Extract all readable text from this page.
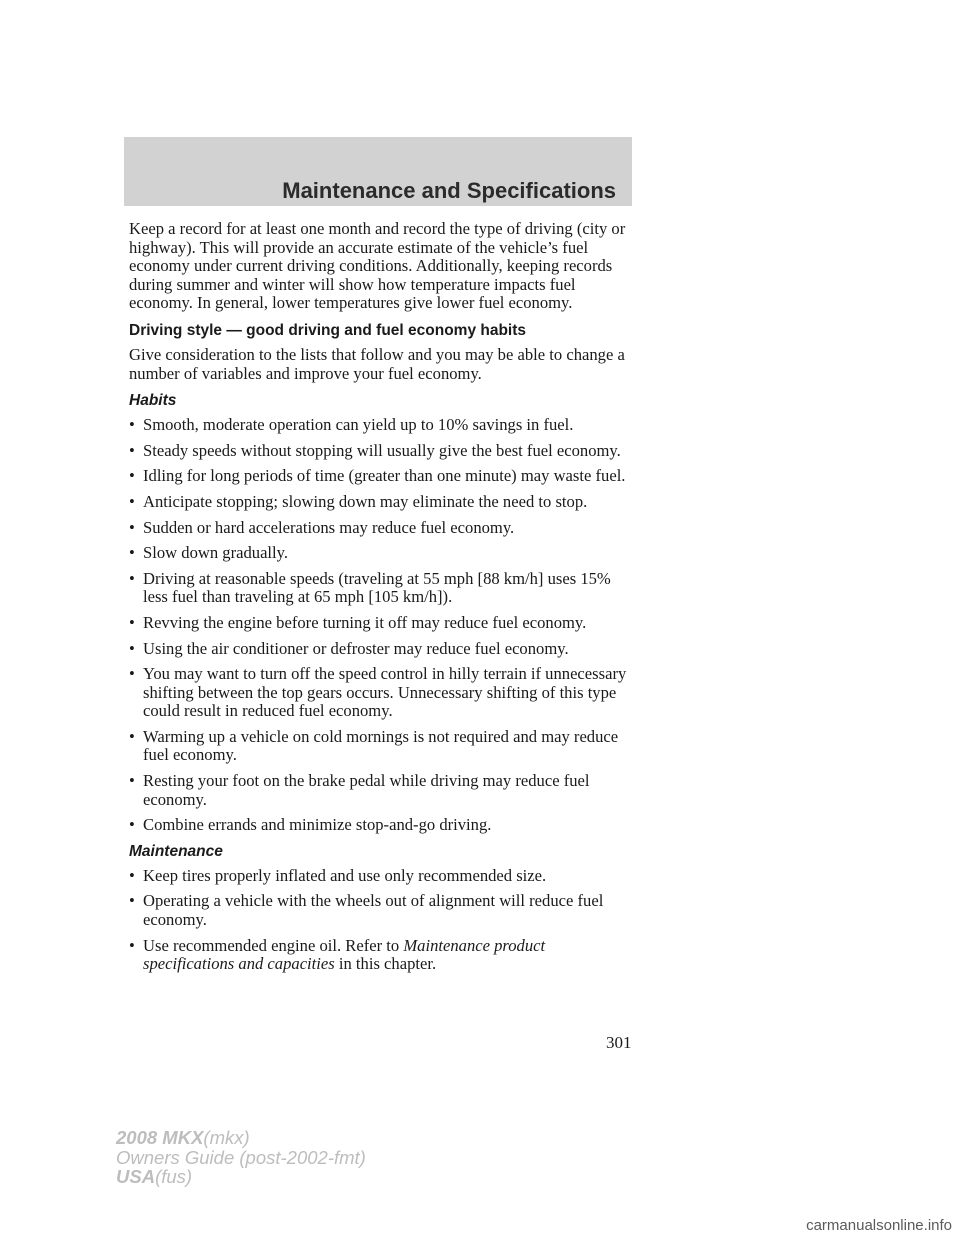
Maintenance and Specifications

Keep a record for at least one month and record the type of driving (city or highway). This will provide an accurate estimate of the vehicle’s fuel economy under current driving conditions. Additionally, keeping records during summer and winter will show how temperature impacts fuel economy. In general, lower temperatures give lower fuel economy.

Driving style — good driving and fuel economy habits

Give consideration to the lists that follow and you may be able to change a number of variables and improve your fuel economy.

Habits
• Smooth, moderate operation can yield up to 10% savings in fuel.
• Steady speeds without stopping will usually give the best fuel economy.
• Idling for long periods of time (greater than one minute) may waste fuel.
• Anticipate stopping; slowing down may eliminate the need to stop.
• Sudden or hard accelerations may reduce fuel economy.
• Slow down gradually.
• Driving at reasonable speeds (traveling at 55 mph [88 km/h] uses 15% less fuel than traveling at 65 mph [105 km/h]).
• Revving the engine before turning it off may reduce fuel economy.
• Using the air conditioner or defroster may reduce fuel economy.
• You may want to turn off the speed control in hilly terrain if unnecessary shifting between the top gears occurs. Unnecessary shifting of this type could result in reduced fuel economy.
• Warming up a vehicle on cold mornings is not required and may reduce fuel economy.
• Resting your foot on the brake pedal while driving may reduce fuel economy.
• Combine errands and minimize stop-and-go driving.
Maintenance
• Keep tires properly inflated and use only recommended size.
• Operating a vehicle with the wheels out of alignment will reduce fuel economy.
• Use recommended engine oil. Refer to Maintenance product specifications and capacities in this chapter.
301
2008 MKX(mkx)
Owners Guide (post-2002-fmt)
USA(fus)
carmanualsonline.info
